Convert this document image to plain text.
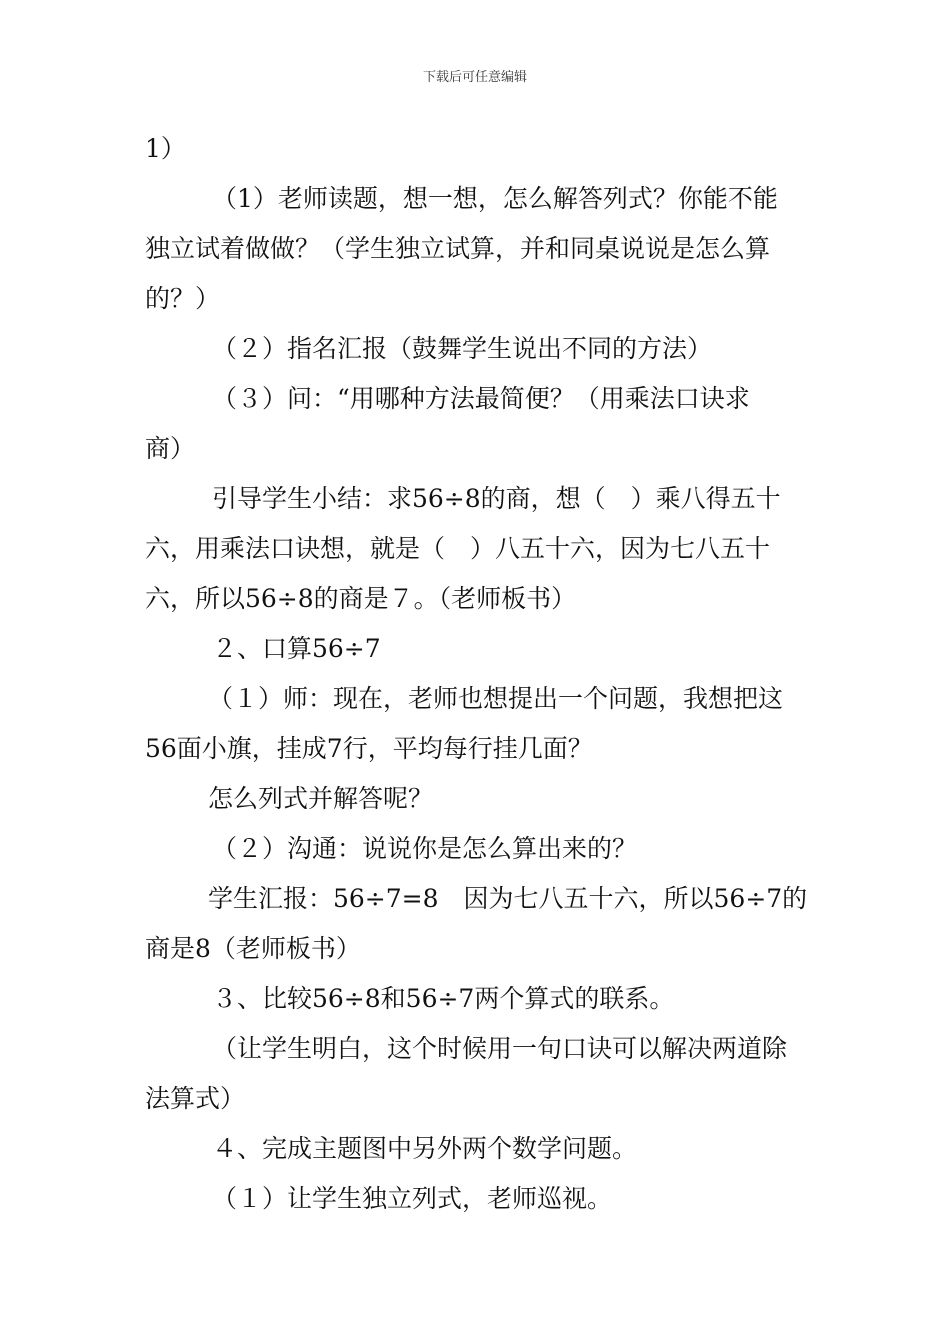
下载后可任意编辑
1）
（1）老师读题，想一想，怎么解答列式？你能不能
独立试着做做？（学生独立试算，并和同桌说说是怎么算
的？）
（２）指名汇报（鼓舞学生说出不同的方法）
（３）问：“用哪种方法最简便？（用乘法口诀求
商）
引导学生小结：求56÷8的商，想（　）乘八得五十
六，用乘法口诀想，就是（　）八五十六，因为七八五十
六，所以56÷8的商是７。（老师板书）
２、口算56÷7
（１）师：现在，老师也想提出一个问题，我想把这
56面小旗，挂成7行，平均每行挂几面？
怎么列式并解答呢？
（２）沟通：说说你是怎么算出来的？
学生汇报：56÷7=8　因为七八五十六，所以56÷7的
商是8（老师板书）
３、比较56÷8和56÷7两个算式的联系。
（让学生明白，这个时候用一句口诀可以解决两道除
法算式）
４、完成主题图中另外两个数学问题。
（１）让学生独立列式，老师巡视。
